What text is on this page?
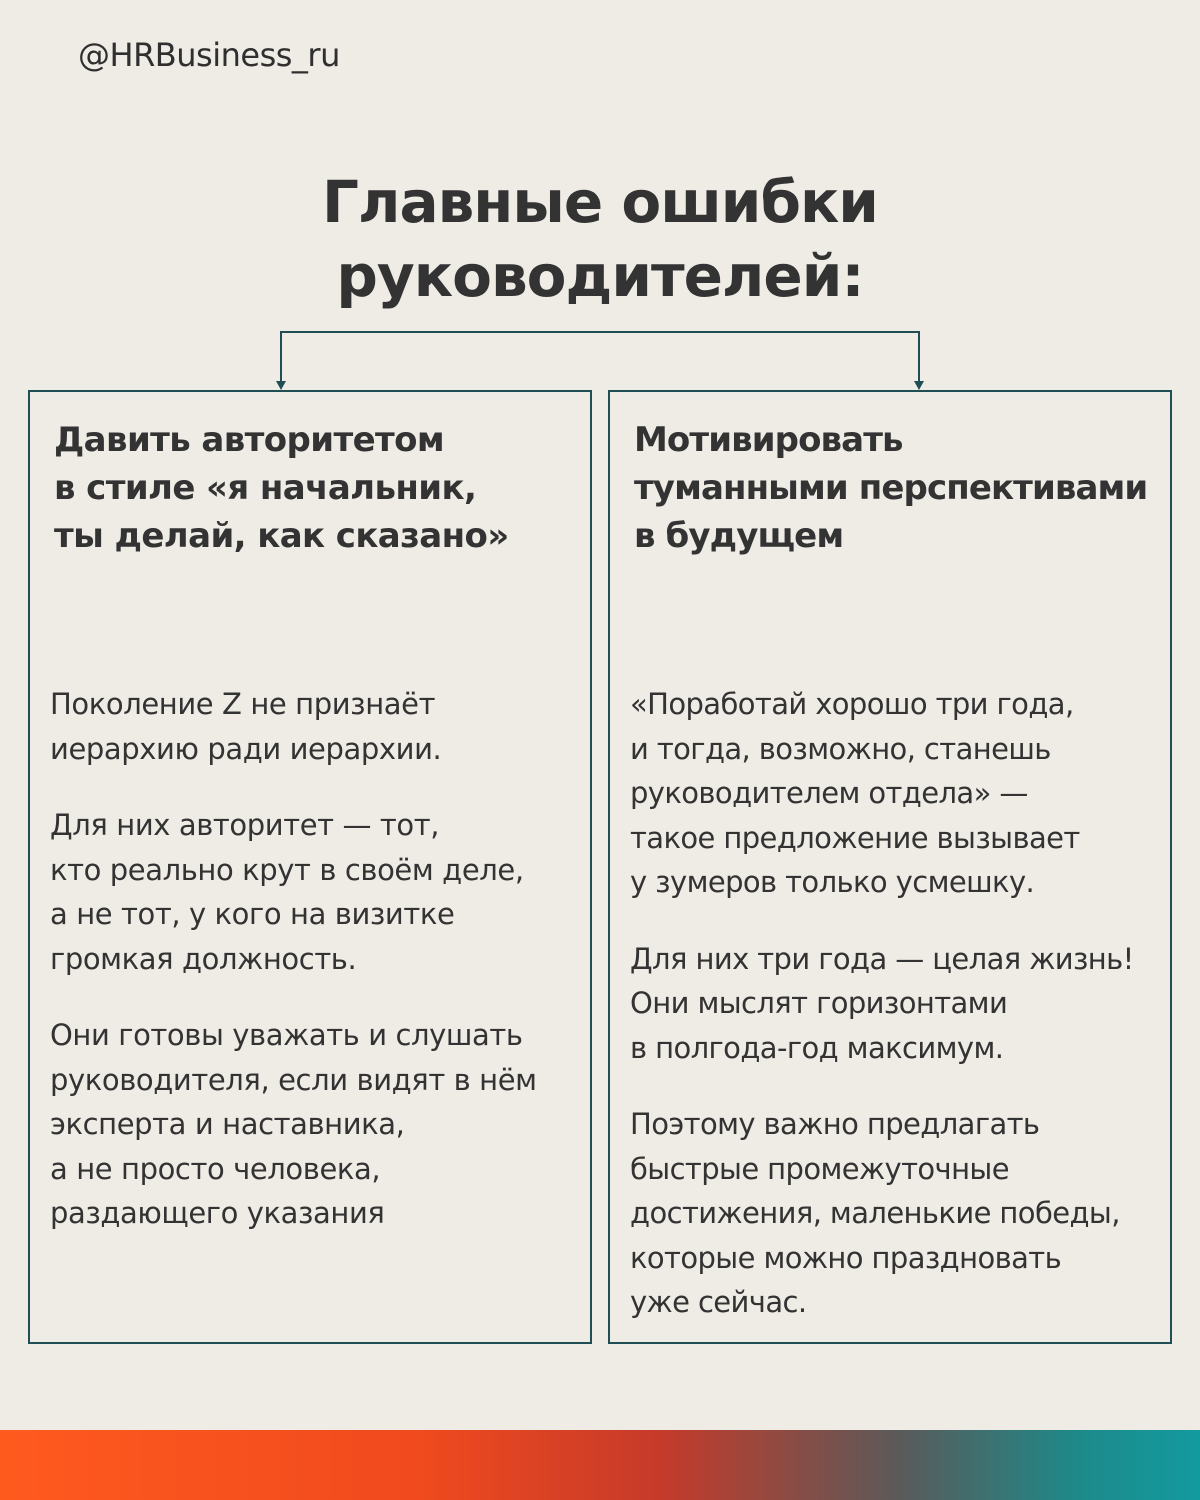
@HRBusiness_ru
Главные ошибки
руководителей:
Давить авторитетом
в стиле «я начальник,
ты делай, как сказано»

Поколение Z не признаёт
иерархию ради иерархии.

Для них авторитет — тот,
кто реально крут в своём деле,
а не тот, у кого на визитке
громкая должность.

Они готовы уважать и слушать
руководителя, если видят в нём
эксперта и наставника,
а не просто человека,
раздающего указания

Мотивировать
туманными перспективами
в будущем

«Поработай хорошо три года,
и тогда, возможно, станешь
руководителем отдела» —
такое предложение вызывает
у зумеров только усмешку.

Для них три года — целая жизнь!
Они мыслят горизонтами
в полгода-год максимум.

Поэтому важно предлагать
быстрые промежуточные
достижения, маленькие победы,
которые можно праздновать
уже сейчас.
